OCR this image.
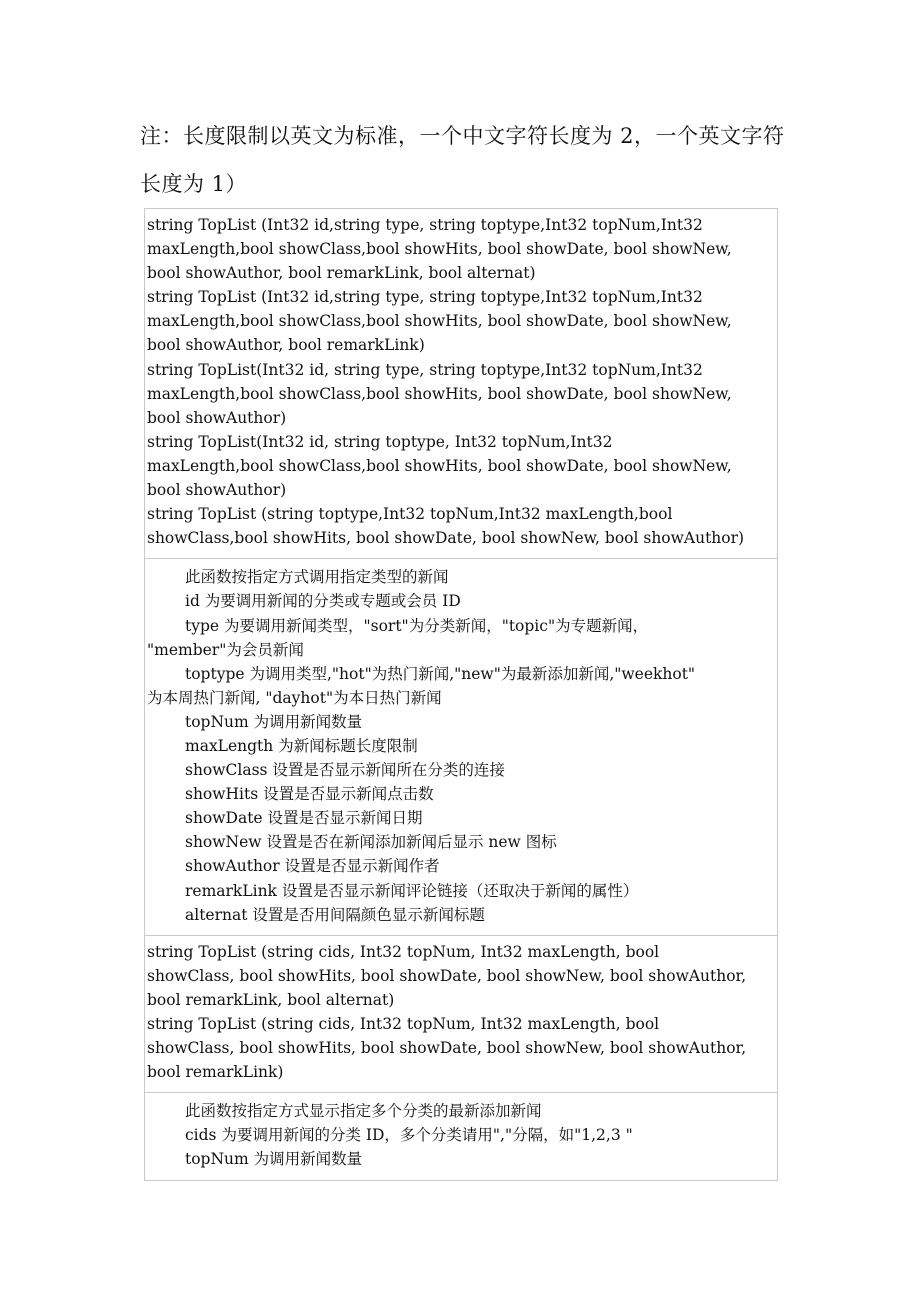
注：长度限制以英文为标准，一个中文字符长度为 2，一个英文字符
长度为 1）

string TopList (Int32 id,string type, string toptype,Int32 topNum,Int32
maxLength,bool showClass,bool showHits, bool showDate, bool showNew,
bool showAuthor, bool remarkLink, bool alternat)
string TopList (Int32 id,string type, string toptype,Int32 topNum,Int32
maxLength,bool showClass,bool showHits, bool showDate, bool showNew,
bool showAuthor, bool remarkLink)
string TopList(Int32 id, string type, string toptype,Int32 topNum,Int32
maxLength,bool showClass,bool showHits, bool showDate, bool showNew,
bool showAuthor)
string TopList(Int32 id, string toptype, Int32 topNum,Int32
maxLength,bool showClass,bool showHits, bool showDate, bool showNew,
bool showAuthor)
string TopList (string toptype,Int32 topNum,Int32 maxLength,bool
showClass,bool showHits, bool showDate, bool showNew, bool showAuthor)
此函数按指定方式调用指定类型的新闻
id 为要调用新闻的分类或专题或会员 ID
type 为要调用新闻类型，"sort"为分类新闻，"topic"为专题新闻，
"member"为会员新闻
toptype 为调用类型,"hot"为热门新闻,"new"为最新添加新闻,"weekhot"
为本周热门新闻, "dayhot"为本日热门新闻
topNum 为调用新闻数量
maxLength 为新闻标题长度限制
showClass 设置是否显示新闻所在分类的连接
showHits 设置是否显示新闻点击数
showDate 设置是否显示新闻日期
showNew 设置是否在新闻添加新闻后显示 new 图标
showAuthor 设置是否显示新闻作者
remarkLink 设置是否显示新闻评论链接（还取决于新闻的属性）
alternat 设置是否用间隔颜色显示新闻标题
string TopList (string cids, Int32 topNum, Int32 maxLength, bool
showClass, bool showHits, bool showDate, bool showNew, bool showAuthor,
bool remarkLink, bool alternat)
string TopList (string cids, Int32 topNum, Int32 maxLength, bool
showClass, bool showHits, bool showDate, bool showNew, bool showAuthor,
bool remarkLink)
此函数按指定方式显示指定多个分类的最新添加新闻
cids 为要调用新闻的分类 ID，多个分类请用","分隔，如"1,2,3 "
topNum 为调用新闻数量
